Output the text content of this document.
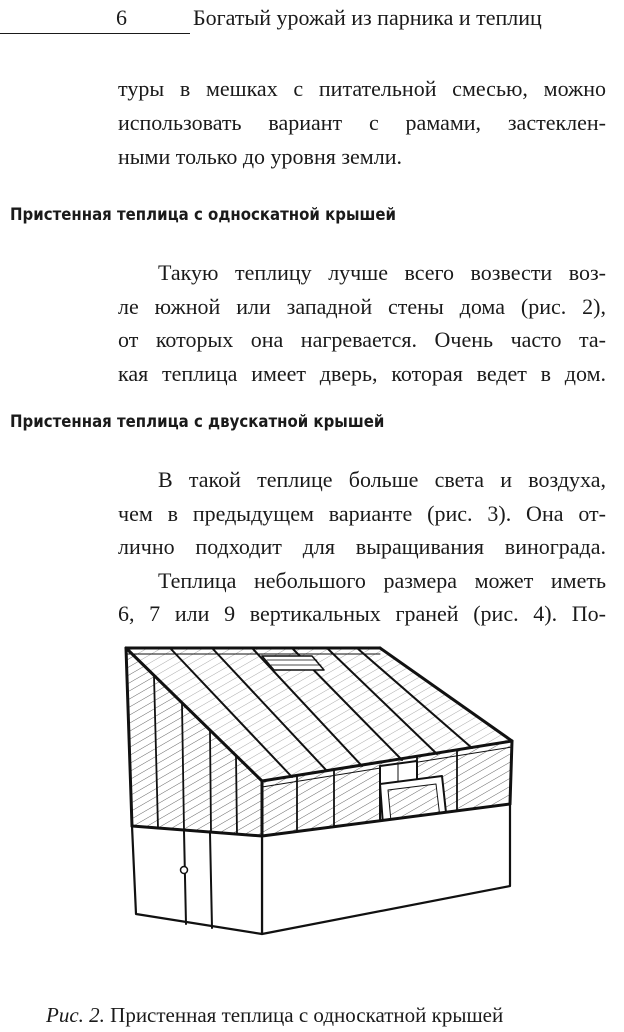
6	Богатый урожай из парника и теплиц
туры в мешках с питательной смесью, можно
использовать вариант с рамами, застеклен-
ными только до уровня земли.
Пристенная теплица с односкатной крышей
Такую теплицу лучше всего возвести воз-
ле южной или западной стены дома (рис. 2),
от которых она нагревается. Очень часто та-
кая теплица имеет дверь, которая ведет в дом.
Пристенная теплица с двускатной крышей
В такой теплице больше света и воздуха,
чем в предыдущем варианте (рис. 3). Она от-
лично подходит для выращивания винограда.
Теплица небольшого размера может иметь
6, 7 или 9 вертикальных граней (рис. 4). По-
Рис. 2. Пристенная теплица с односкатной крышей
